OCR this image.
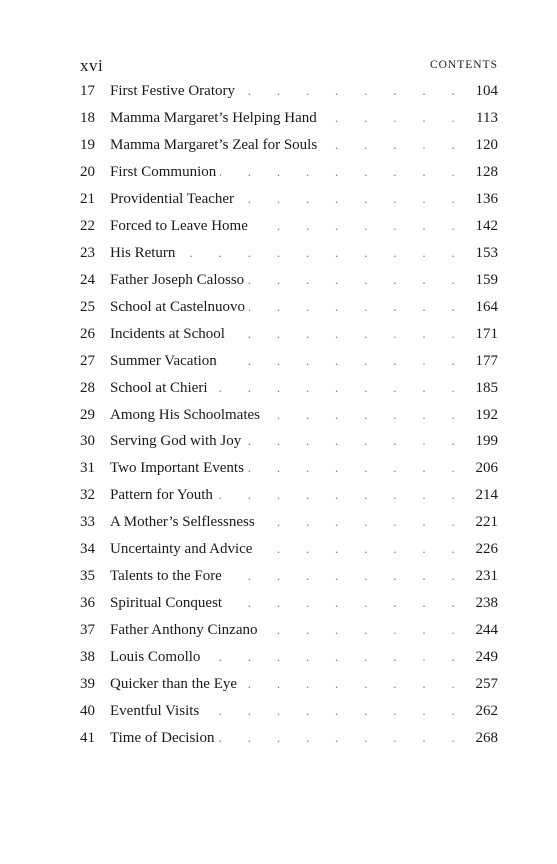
xvi	CONTENTS
17	First Festive Oratory . . .	104
18	Mamma Margaret’s Helping Hand . . .	113
19	Mamma Margaret’s Zeal for Souls . . .	120
20	First Communion . . .	128
21	Providential Teacher . . .	136
22	Forced to Leave Home . . .	142
23	His Return . . .	153
24	Father Joseph Calosso . . .	159
25	School at Castelnuovo . . .	164
26	Incidents at School . . .	171
27	Summer Vacation . . .	177
28	School at Chieri . . .	185
29	Among His Schoolmates . . .	192
30	Serving God with Joy . . .	199
31	Two Important Events . . .	206
32	Pattern for Youth . . .	214
33	A Mother’s Selflessness . . .	221
34	Uncertainty and Advice . . .	226
35	Talents to the Fore . . .	231
36	Spiritual Conquest . . .	238
37	Father Anthony Cinzano . . .	244
38	Louis Comollo . . .	249
39	Quicker than the Eye . . .	257
40	Eventful Visits . . .	262
41	Time of Decision . . .	268
